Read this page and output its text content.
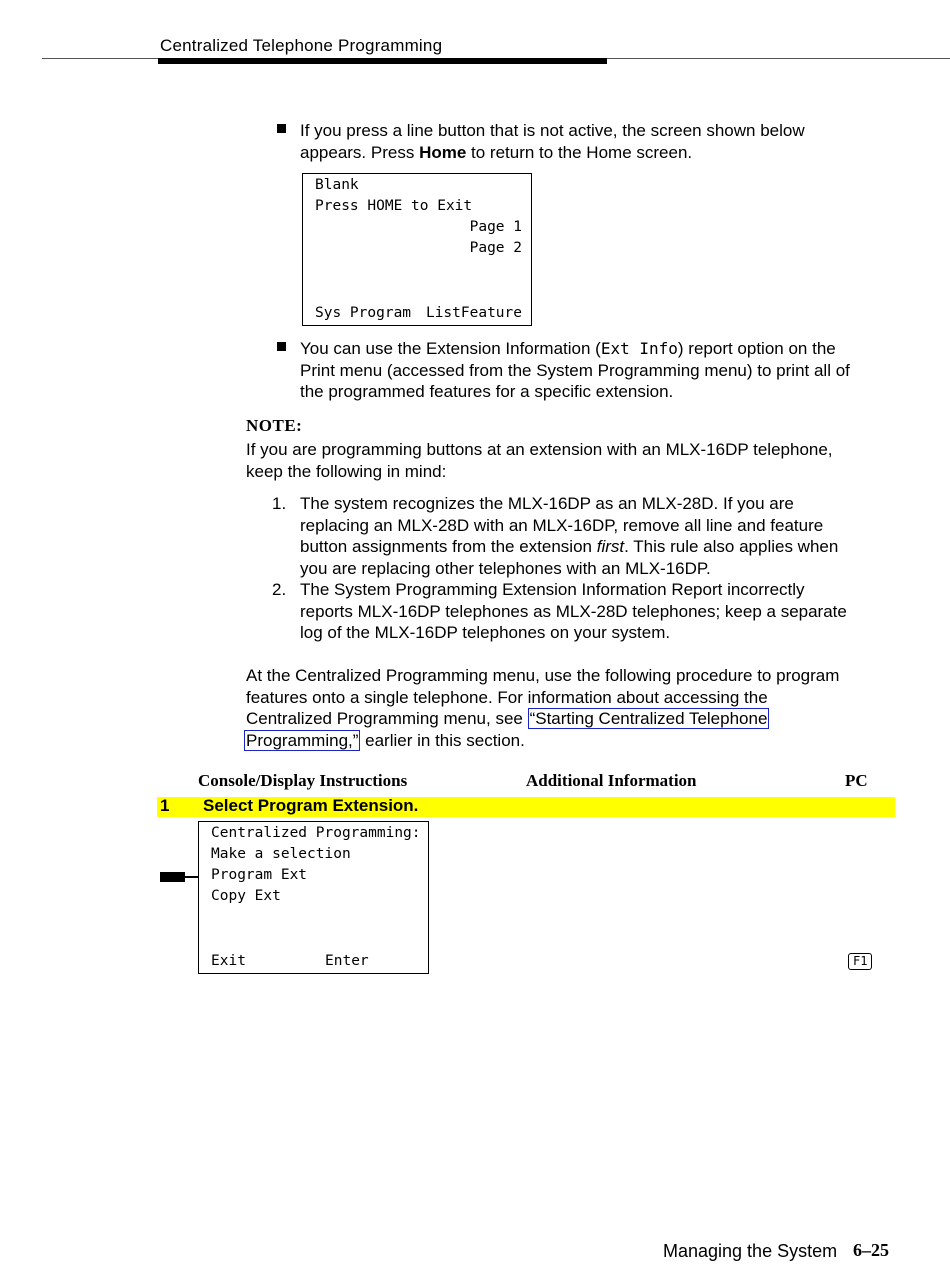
Centralized Telephone Programming
If you press a line button that is not active, the screen shown below
appears. Press Home to return to the Home screen.
Blank
Press HOME to Exit
Page 1
Page 2
Sys Program ListFeature
You can use the Extension Information (Ext Info) report option on the
Print menu (accessed from the System Programming menu) to print all of
the programmed features for a specific extension.
NOTE:
If you are programming buttons at an extension with an MLX-16DP telephone,
keep the following in mind:
1. The system recognizes the MLX-16DP as an MLX-28D. If you are
replacing an MLX-28D with an MLX-16DP, remove all line and feature
button assignments from the extension first. This rule also applies when
you are replacing other telephones with an MLX-16DP.
2. The System Programming Extension Information Report incorrectly
reports MLX-16DP telephones as MLX-28D telephones; keep a separate
log of the MLX-16DP telephones on your system.
At the Centralized Programming menu, use the following procedure to program
features onto a single telephone. For information about accessing the
Centralized Programming menu, see “Starting Centralized Telephone
Programming,” earlier in this section.
Console/Display Instructions	Additional Information	PC
1 Select Program Extension.
Centralized Programming:
Make a selection
Program Ext
Copy Ext
Exit	Enter	F1
Managing the System 6–25
